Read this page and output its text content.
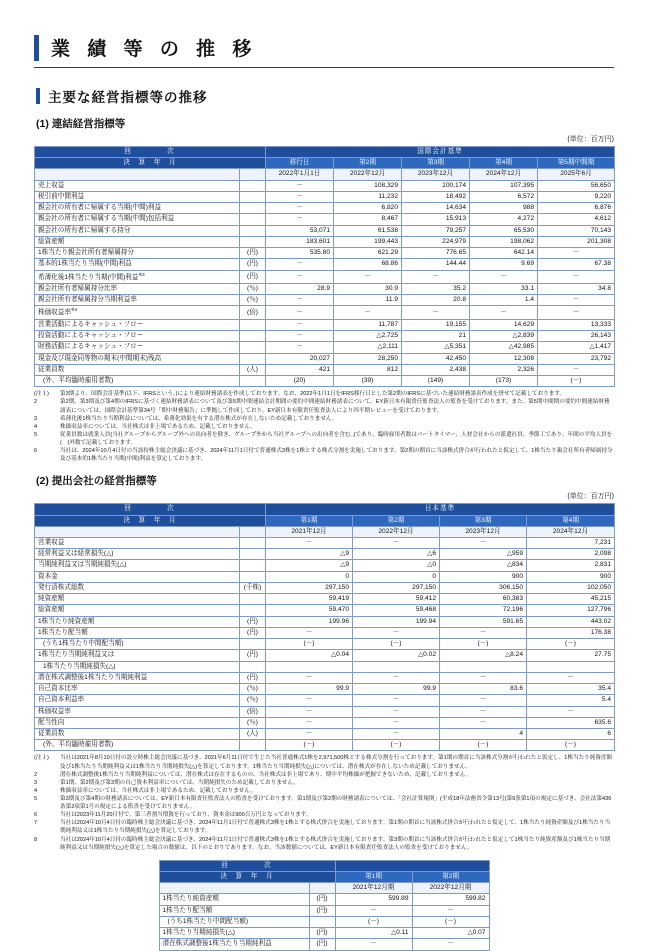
業 績 等 の 推 移
主要な経営指標等の推移
(1) 連結経営指標等
(単位：百万円)
回　　　　次		国際会計基準				
決　算　年　月		移行日	第2期	第3期	第4期	第5期中間期
		2022年1月1日	2022年12月	2023年12月	2024年12月	2025年6月
売上収益		－	108,329	100,174	107,395	56,650
税引前中間利益		－	11,232	18,492	6,572	9,220
親会社の所有者に帰属する当期(中間)利益		－	6,820	14,634	988	6,876
親会社の所有者に帰属する当期(中間)包括利益		－	8,467	15,913	4,272	4,612
親会社の所有者に帰属する持分		53,071	61,538	79,257	65,530	70,143
総資産額		183,601	199,443	224,979	198,062	201,308
1株当たり親会社所有者帰属持分	(円)	535.80	621.29	776.65	642.14	－
基本的1株当たり当期(中間)利益	(円)	－	68.86	144.44	9.69	67.38
希薄化後1株当たり当期(中間)利益$^{※3}$	(円)	－	－	－	－	－
親会社所有者帰属持分比率	(％)	28.9	30.9	35.2	33.1	34.8
親会社所有者帰属持分当期利益率	(％)	－	11.9	20.8	1.4	－
株価収益率$^{※4}$	(倍)	－	－	－	－	－
営業活動によるキャッシュ・フロー		－	11,787	19,155	14,629	13,333
投資活動によるキャッシュ・フロー		－	△2,725	21	△2,839	26,143
財務活動によるキャッシュ・フロー		－	△2,111	△5,351	△42,985	△1,417
現金及び現金同等物の期末(中間期末)残高		20,027	28,250	42,450	12,308	23,792
従業員数	(人)	421	812	2,438	2,326	－
(外、平均臨時雇用者数)		(20)	(39)	(149)	(173)	(－)
(注１)	第3期より、国際会計基準(以下、IFRSという。)により連結財務諸表を作成しております。なお、2022年1月1日をIFRS移行日とした第2期のIFRSに基づいた連結財務諸表作成を併せて記載しております。
2	第2期、第3期及び第4期のIFRSに基づく連結財務諸表について及び第5期中間連結会計期間の要約中間連結財務諸表について、EY新日本有限責任監査法人の監査を受けております。また、第5期中間期の要約中間連結財務諸表については、国際会計基準第34号「期中財務報告」に準拠して作成しており、EY新日本有限責任監査法人により四半期レビューを受けております。
3	希薄化後1株当たり当期利益については、希薄化効果を有する潜在株式が存在しないため記載しておりません。
4	株価収益率については、当社株式は非上場であるため、記載しておりません。
5	従業員数は就業人員(当社グループからグループ外への出向者を除き、グループ外から当社グループへの出向者を含む。)であり、臨時雇用者数はパートタイマー、人材会社からの派遣社員、季節工であり、年間の平均人員を(　)外数で記載しております。
6	当社は、2024年10月4日付の当該持株主総会決議に基づき、2024年11月1日付で普通株式3株を1株とする株式分割を実施しております。第2期の期首に当該株式併合が行われたと仮定して、1株当たり親会社所有者帰属持分及び基本的1株当たり当期(中間)利益を算定しております。
(2) 提出会社の経営指標等
(単位：百万円)
回　　　　次		日本基準			
決　算　年　月		第1期	第2期	第3期	第4期
		2021年12月	2022年12月	2023年12月	2024年12月
営業収益		－	－	－	7,231
経常利益又は経常損失(△)		△9	△6	△959	2,098
当期純利益又は当期純損失(△)		△9	△0	△834	2,831
資本金		0	0	900	900
発行済株式総数	(千株)	297,150	297,150	306,150	102,050
純資産額		59,419	59,412	60,383	45,215
総資産額		59,470	59,468	72,196	127,796
1株当たり純資産額	(円)	199.96	199.94	591.65	443.02
1株当たり配当額	(円)	－	－	－	176.38
(うち1株当たり中間配当額)		(－)	(－)	(－)	(－)
1株当たり当期純利益又は	(円)	△0.04	△0.02	△8.24	27.75
1株当たり当期純損失(△)					
潜在株式調整後1株当たり当期純利益	(円)	－	－	－	－
自己資本比率	(％)	99.9	99.9	83.6	35.4
自己資本利益率	(％)	－	－	－	5.4
株価収益率	(倍)	－	－	－	－
配当性向	(％)	－	－	－	635.6
従業員数	(人)	－	－	4	6
(外、平均臨時雇用者数)		(－)	(－)	(－)	(－)
(注１)	当社は2021年8月10日付の設立時株主総会決議に基づき、2021年6月11日付で生じた当社普通株式1株を2,971,500株とする株式分割を行っております。第1期の期首に当該株式分割が行われたと仮定し、1株当たり純資産額及び1株当たり当期純利益又は1株当たり当期純損失(△)を算定しております。1株当たり当期純損失(△)については、潜在株式が存在しないため記載しておりません。
2	潜在株式調整後1株当たり当期純利益については、潜在株式は存在するものの、当社株式は非上場であり、期中平均株価が把握できないため、記載しておりません。
3	第1期、第2期及び第3期の自己資本利益率については、当期純損失のため記載しておりません。
4	株価収益率については、当社株式は非上場であるため、記載しておりません。
5	第3期及び第4期の財務諸表については、EY新日本有限責任監査法人の監査を受けております。第1期及び第2期の財務諸表については、「会社計算規則」(平成18年法務省令第13号)第9条第1項の規定に基づき、会社法第436条第2項第1号の規定による監査を受けておりません。
6	当社は2023年11月20日付で、第三者割当増資を行っており、資本金は900百万円となっております。
7	当社は2024年10月4日付の臨時株主総会決議に基づき、2024年11月1日付で普通株式3株を1株とする株式併合を実施しております。第1期の期首に当該株式併合が行われたと仮定して、1株当たり純資産額及び1株当たり当期純利益又は1株当たり当期純損失(△)を算定しております。
8	当社は2024年10月4日付の臨時株主総会決議に基づき、2024年11月1日付で普通株式3株を1株とする株式併合を実施しております。第3期の期首に当該株式併合が行われたと仮定して1株当たり純資産額及び1株当たり当期純利益又は当期純損失(△)を算定した場合の数値は、以下のとおりであります。なお、当該数値については、EY新日本有限責任監査法人の監査を受けておりません。
回　　　　次			
決　算　年　月		第1期	第2期
		2021年12月期	2022年12月期
1株当たり純資産額	(円)	599.89	599.82
1株当たり配当額	(円)	－	－
(うち1株当たり中間配当額)		(－)	(－)
1株当たり当期純損失(△)	(円)	△0.11	△0.07
潜在株式調整後1株当たり当期純利益	(円)	－	－
